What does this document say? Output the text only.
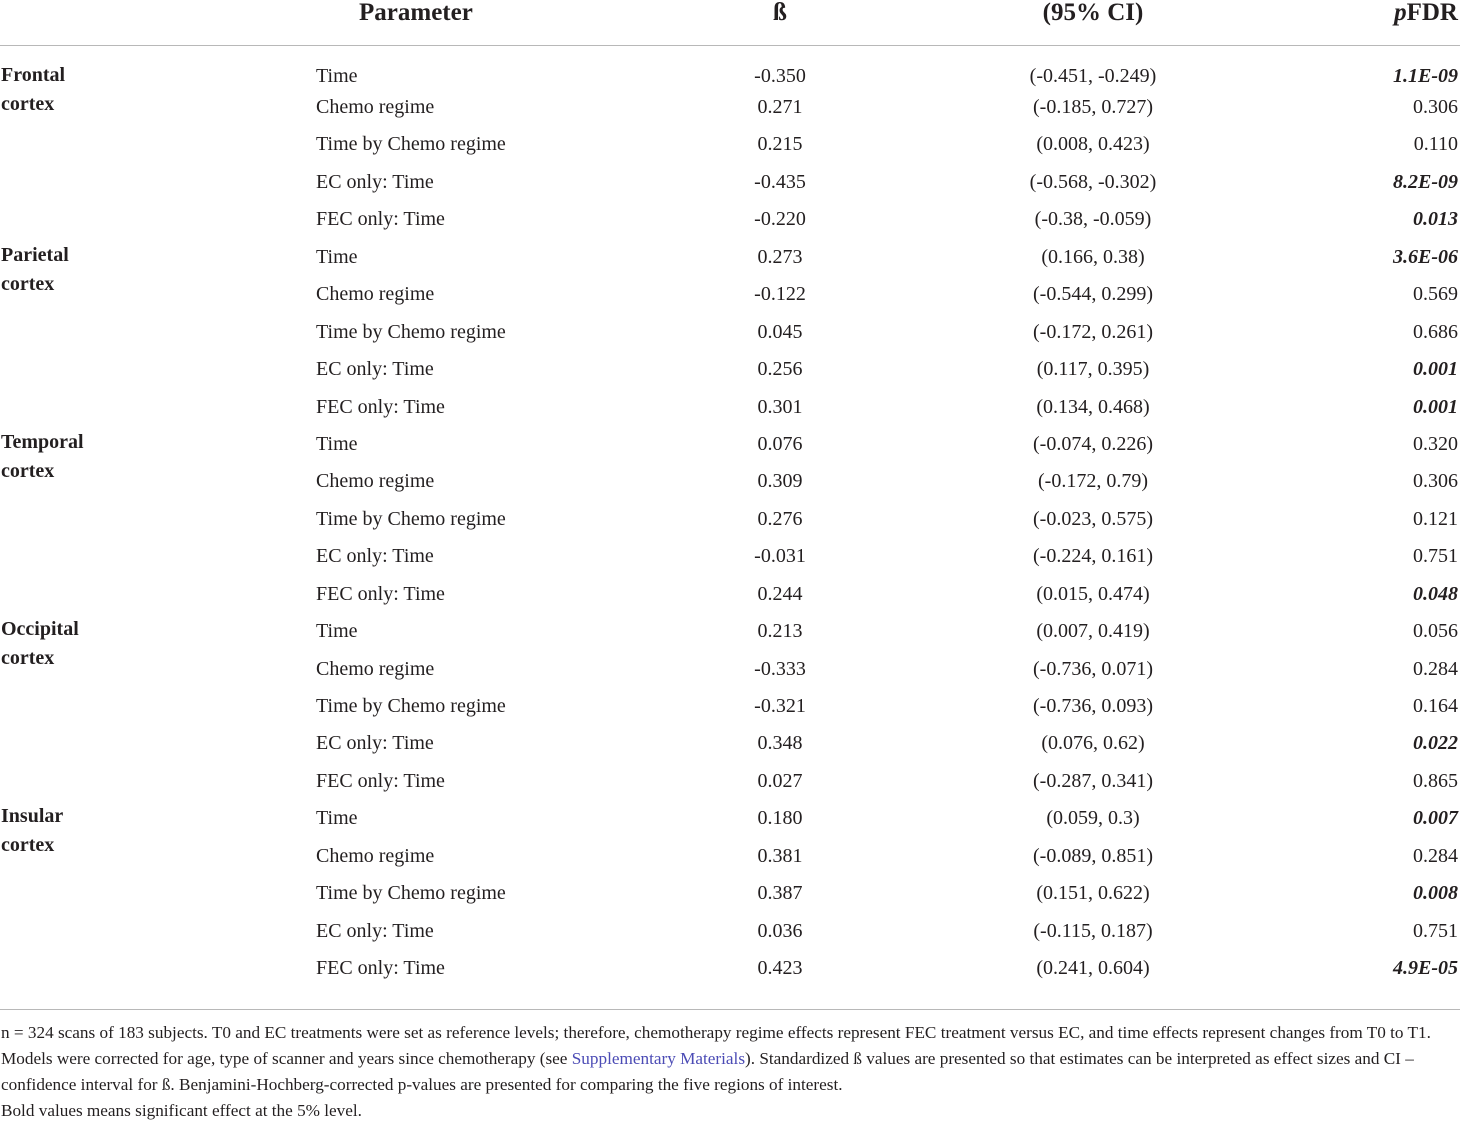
	Parameter	ß	(95% CI)	pFDR

Frontal
cortex	Time	-0.350	(-0.451, -0.249)	1.1E-09
	Chemo regime	0.271	(-0.185, 0.727)	0.306
	Time by Chemo regime	0.215	(0.008, 0.423)	0.110
	EC only: Time	-0.435	(-0.568, -0.302)	8.2E-09
	FEC only: Time	-0.220	(-0.38, -0.059)	0.013

Parietal
cortex	Time	0.273	(0.166, 0.38)	3.6E-06
	Chemo regime	-0.122	(-0.544, 0.299)	0.569
	Time by Chemo regime	0.045	(-0.172, 0.261)	0.686
	EC only: Time	0.256	(0.117, 0.395)	0.001
	FEC only: Time	0.301	(0.134, 0.468)	0.001

Temporal
cortex	Time	0.076	(-0.074, 0.226)	0.320
	Chemo regime	0.309	(-0.172, 0.79)	0.306
	Time by Chemo regime	0.276	(-0.023, 0.575)	0.121
	EC only: Time	-0.031	(-0.224, 0.161)	0.751
	FEC only: Time	0.244	(0.015, 0.474)	0.048

Occipital
cortex	Time	0.213	(0.007, 0.419)	0.056
	Chemo regime	-0.333	(-0.736, 0.071)	0.284
	Time by Chemo regime	-0.321	(-0.736, 0.093)	0.164
	EC only: Time	0.348	(0.076, 0.62)	0.022
	FEC only: Time	0.027	(-0.287, 0.341)	0.865

Insular
cortex	Time	0.180	(0.059, 0.3)	0.007
	Chemo regime	0.381	(-0.089, 0.851)	0.284
	Time by Chemo regime	0.387	(0.151, 0.622)	0.008
	EC only: Time	0.036	(-0.115, 0.187)	0.751
	FEC only: Time	0.423	(0.241, 0.604)	4.9E-05

n = 324 scans of 183 subjects. T0 and EC treatments were set as reference levels; therefore, chemotherapy regime effects represent FEC treatment versus EC, and time effects represent changes from T0 to T1. Models were corrected for age, type of scanner and years since chemotherapy (see Supplementary Materials). Standardized ß values are presented so that estimates can be interpreted as effect sizes and CI – confidence interval for ß. Benjamini-Hochberg-corrected p-values are presented for comparing the five regions of interest.

Bold values means significant effect at the 5% level.
